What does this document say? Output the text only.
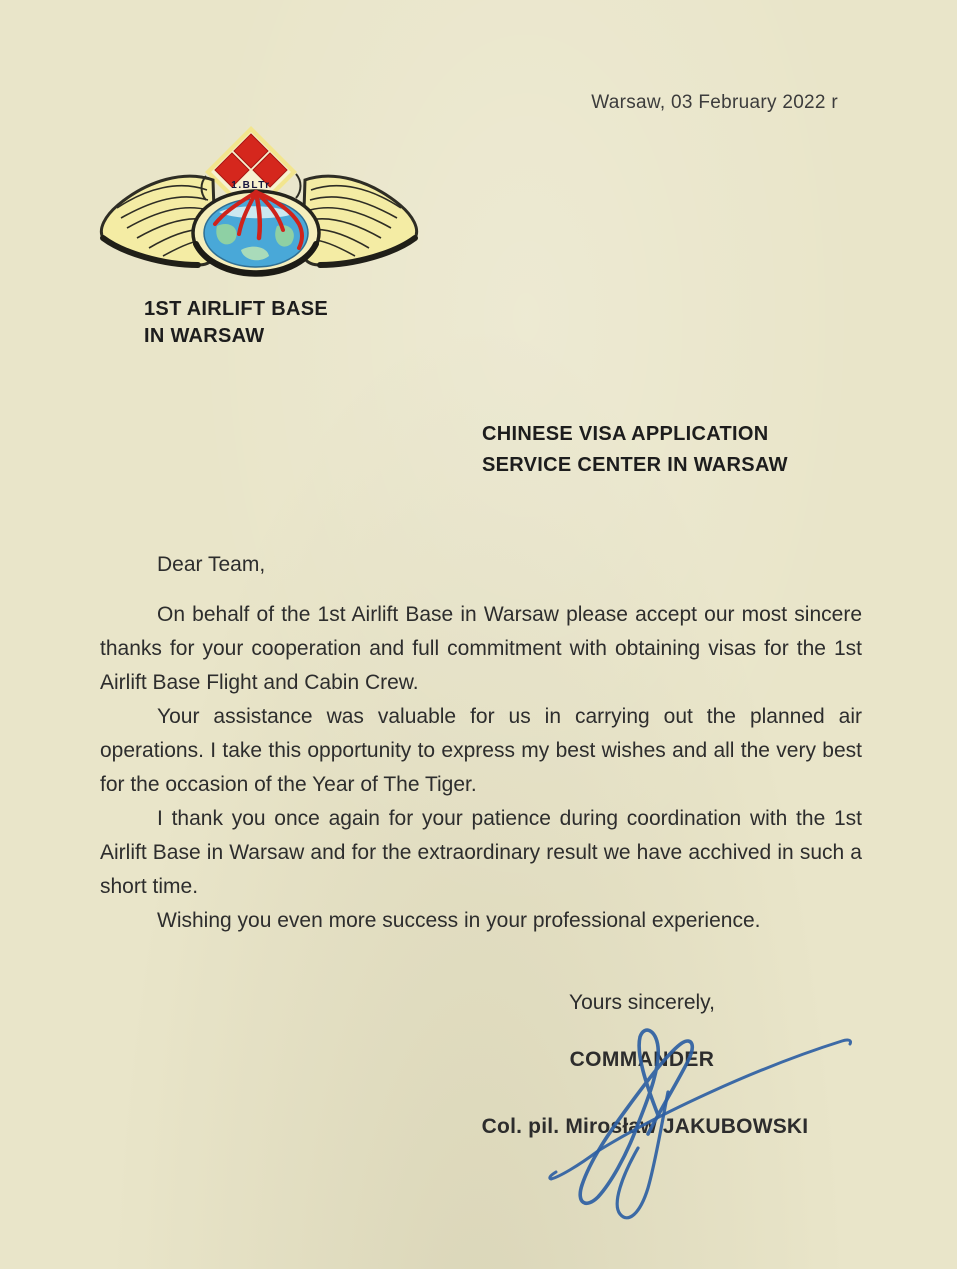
Warsaw, 03 February 2022 r
1.BLTr
1ST AIRLIFT BASE
IN WARSAW
CHINESE VISA APPLICATION
SERVICE CENTER IN WARSAW

Dear Team,

On behalf of the 1st Airlift Base in Warsaw please accept our most sincere thanks for your cooperation and full commitment with obtaining visas for the 1st Airlift Base Flight and Cabin Crew.

Your assistance was valuable for us in carrying out the planned air operations. I take this opportunity to express my best wishes and all the very best for the occasion of the Year of The Tiger.

I thank you once again for your patience during coordination with the 1st Airlift Base in Warsaw and for the extraordinary result we have acchived in such a short time.

Wishing you even more success in your professional experience.

Yours sincerely,
COMMANDER
Col. pil. Mirosław JAKUBOWSKI
